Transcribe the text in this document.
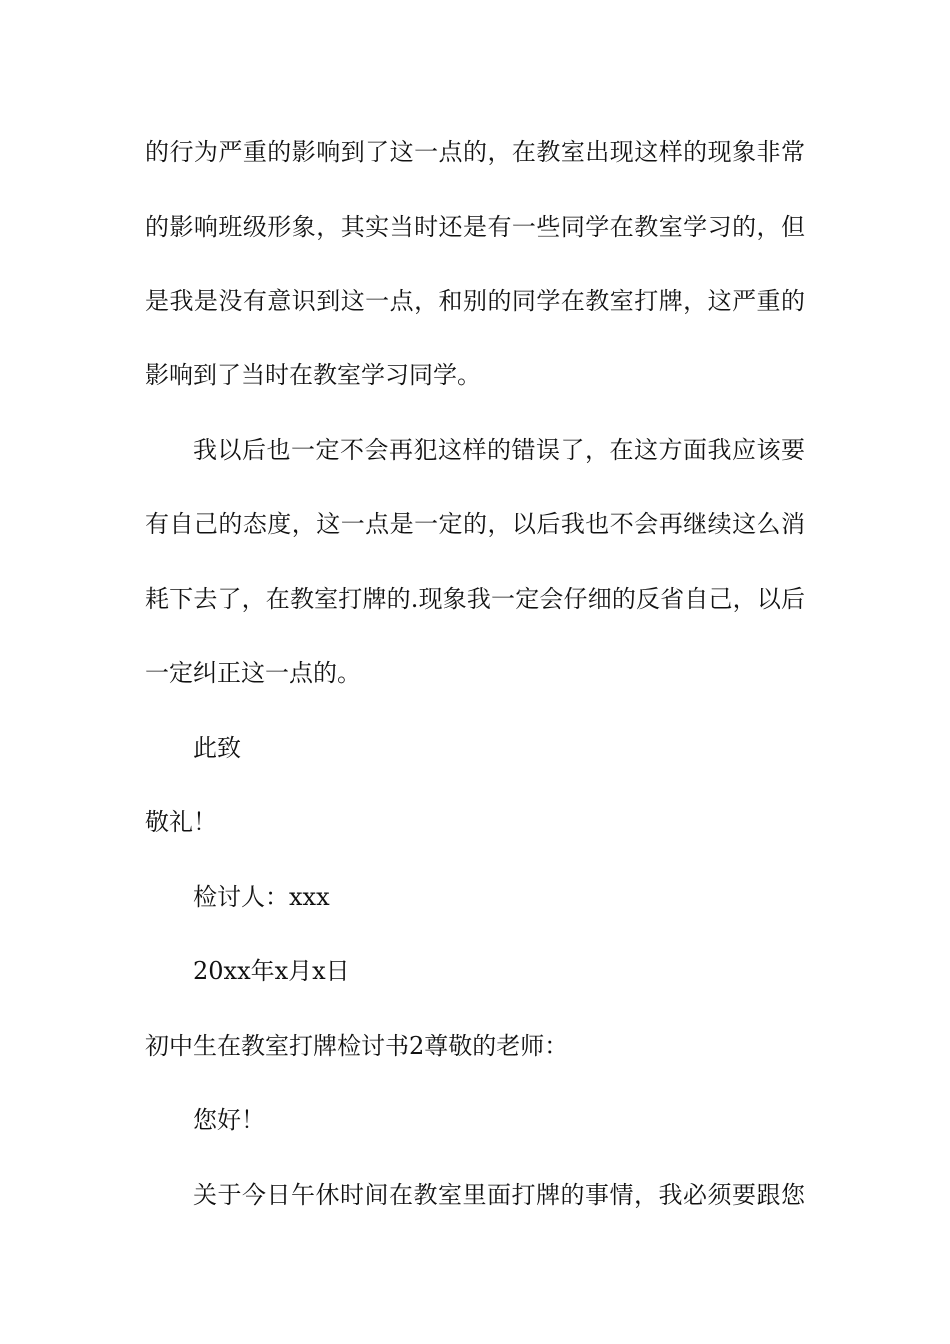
的行为严重的影响到了这一点的，在教室出现这样的现象非常
的影响班级形象，其实当时还是有一些同学在教室学习的，但
是我是没有意识到这一点，和别的同学在教室打牌，这严重的
影响到了当时在教室学习同学。
我以后也一定不会再犯这样的错误了，在这方面我应该要
有自己的态度，这一点是一定的，以后我也不会再继续这么消
耗下去了，在教室打牌的.现象我一定会仔细的反省自己，以后
一定纠正这一点的。
此致
敬礼！
检讨人：xxx
20xx年x月x日
初中生在教室打牌检讨书2尊敬的老师：
您好！
关于今日午休时间在教室里面打牌的事情，我必须要跟您
